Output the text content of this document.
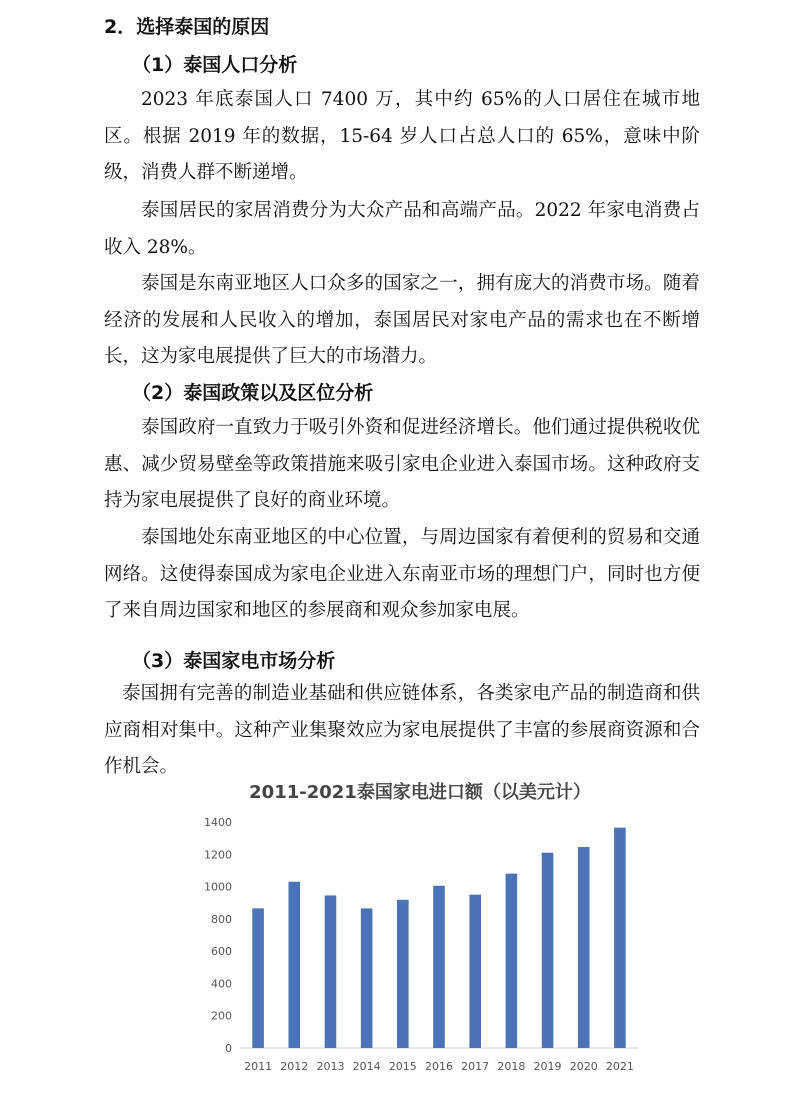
2．选择泰国的原因
（1）泰国人口分析

2023 年底泰国人口 7400 万，其中约 65%的人口居住在城市地区。根据 2019 年的数据，15-64 岁人口占总人口的 65%，意味中阶级，消费人群不断递增。

泰国居民的家居消费分为大众产品和高端产品。2022 年家电消费占收入 28%。

泰国是东南亚地区人口众多的国家之一，拥有庞大的消费市场。随着经济的发展和人民收入的增加，泰国居民对家电产品的需求也在不断增长，这为家电展提供了巨大的市场潜力。

（2）泰国政策以及区位分析

泰国政府一直致力于吸引外资和促进经济增长。他们通过提供税收优惠、减少贸易壁垒等政策措施来吸引家电企业进入泰国市场。这种政府支持为家电展提供了良好的商业环境。

泰国地处东南亚地区的中心位置，与周边国家有着便利的贸易和交通网络。这使得泰国成为家电企业进入东南亚市场的理想门户，同时也方便了来自周边国家和地区的参展商和观众参加家电展。

（3）泰国家电市场分析

泰国拥有完善的制造业基础和供应链体系，各类家电产品的制造商和供应商相对集中。这种产业集聚效应为家电展提供了丰富的参展商资源和合作机会。

2011-2021泰国家电进口额（以美元计）
0
200
400
600
800
1000
1200
1400
2011 2012 2013 2014 2015 2016 2017 2018 2019 2020 2021
